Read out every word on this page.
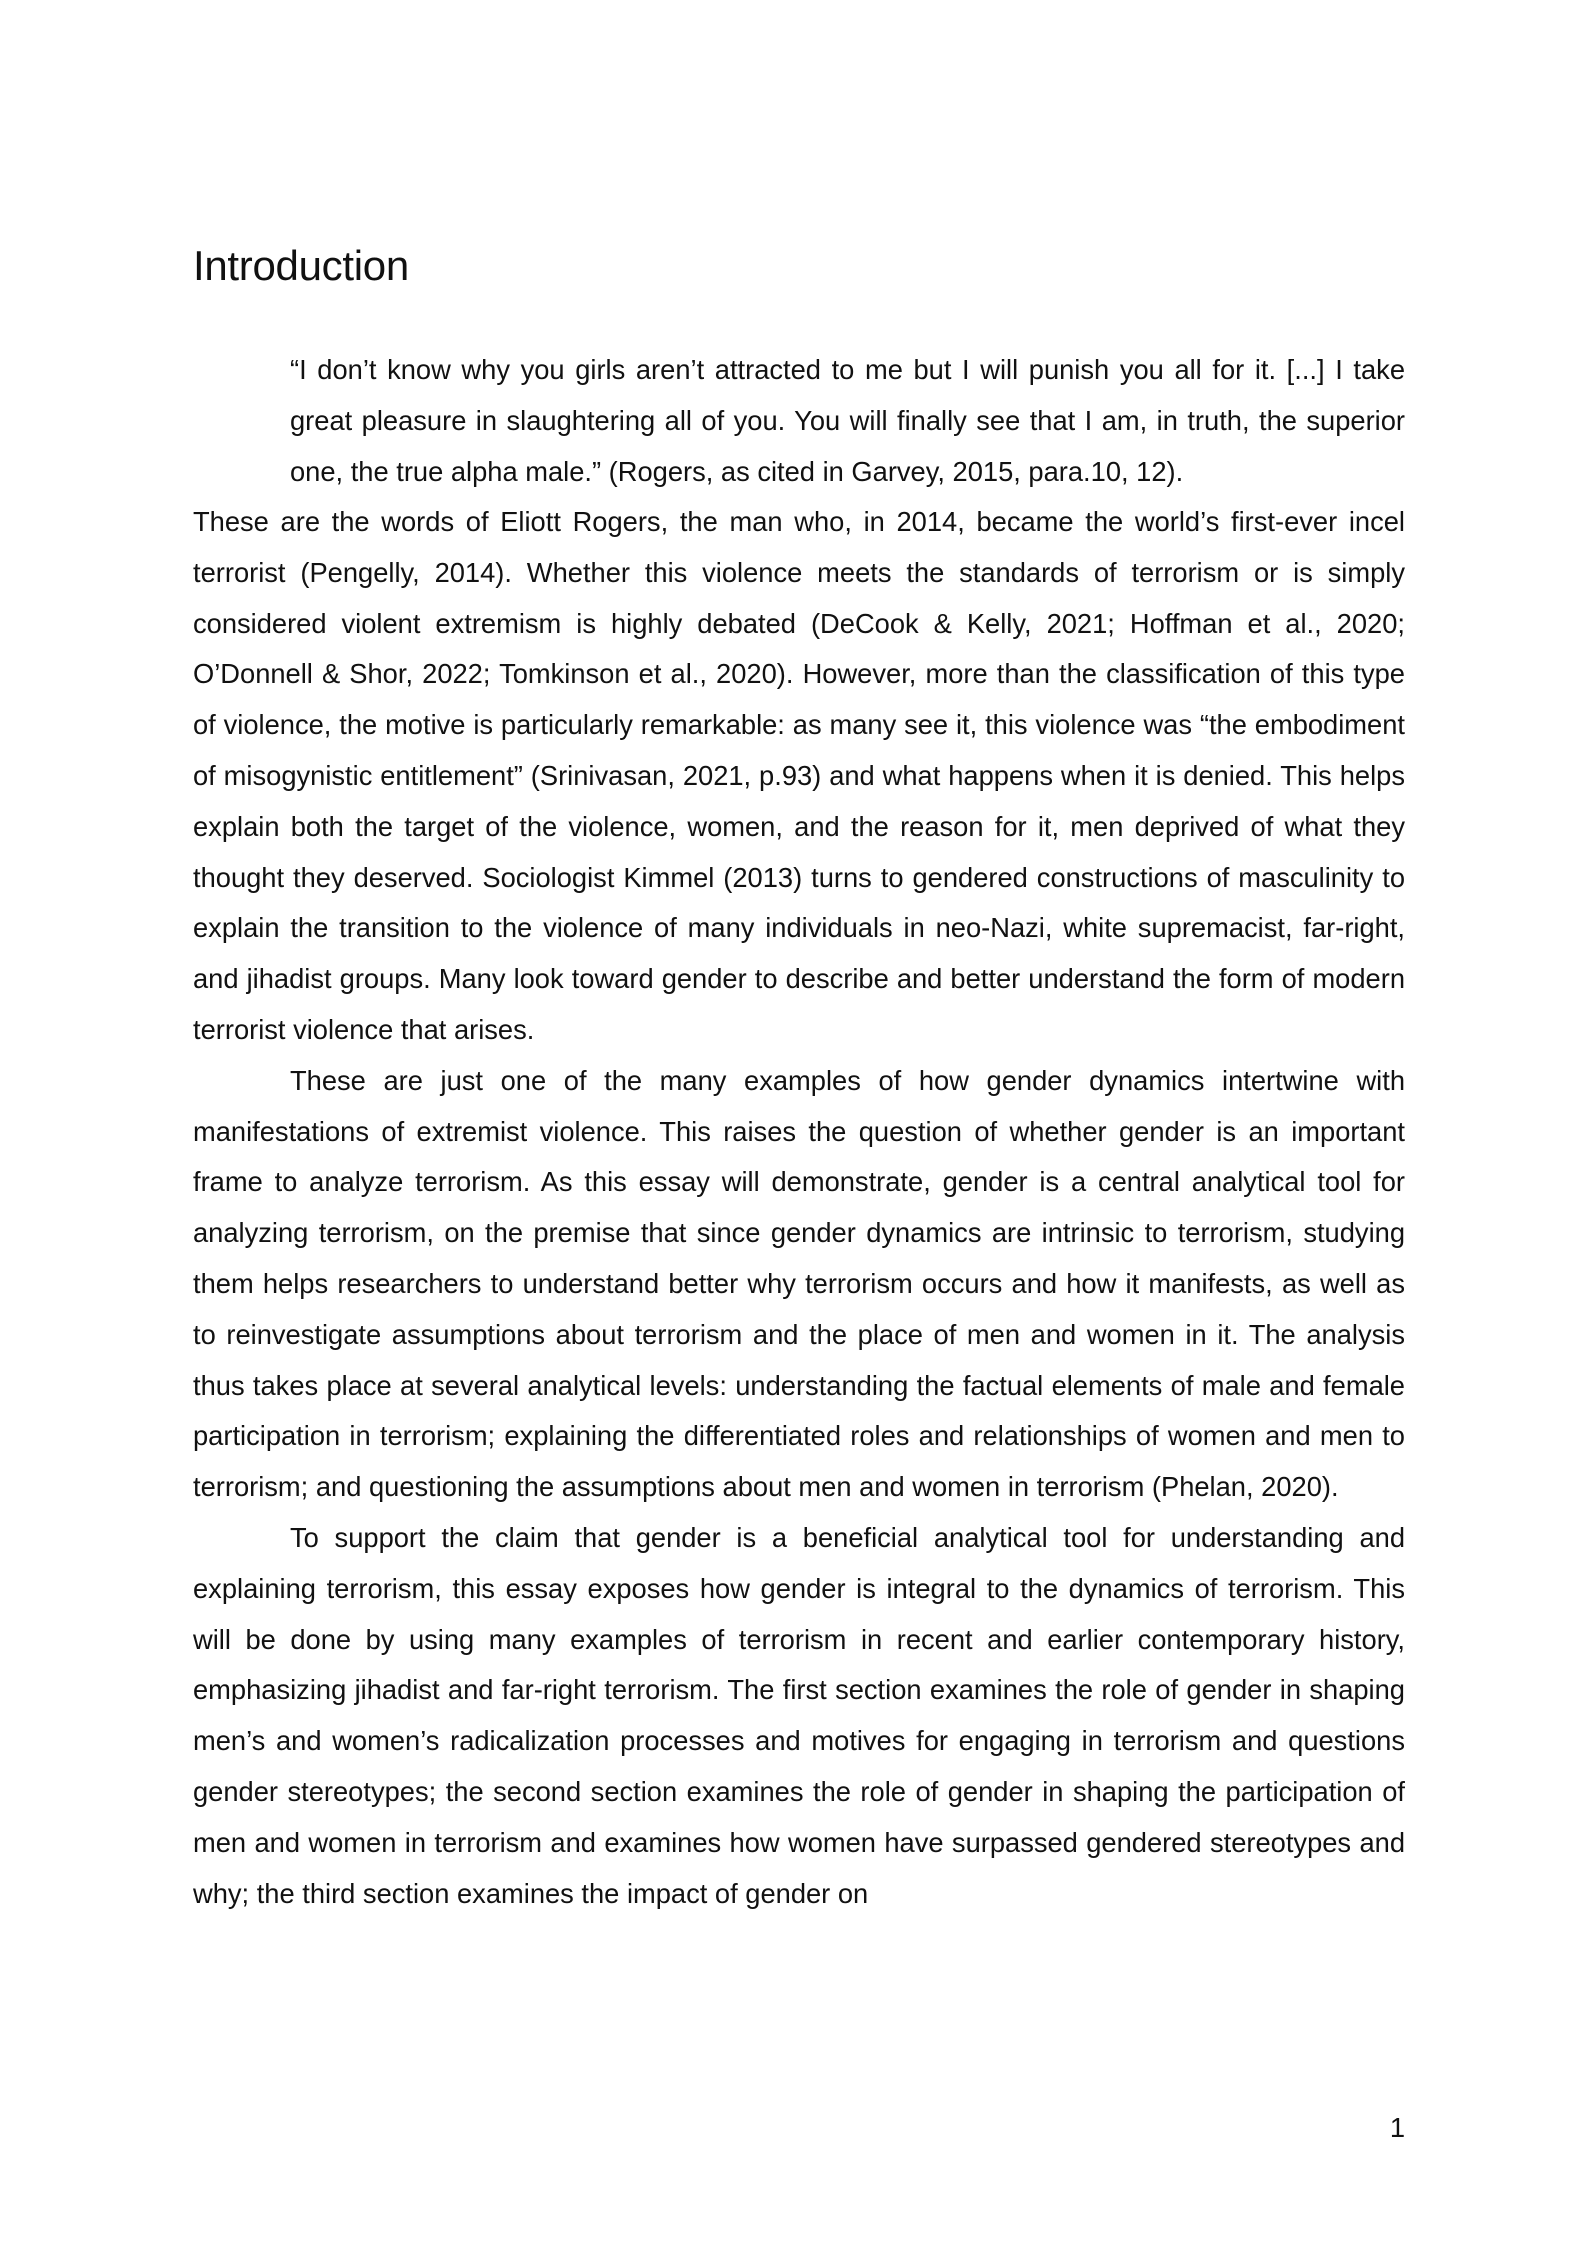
Introduction

“I don’t know why you girls aren’t attracted to me but I will punish you all for it. [...] I take great pleasure in slaughtering all of you. You will finally see that I am, in truth, the superior one, the true alpha male.” (Rogers, as cited in Garvey, 2015, para.10, 12).

These are the words of Eliott Rogers, the man who, in 2014, became the world’s first-ever incel terrorist (Pengelly, 2014). Whether this violence meets the standards of terrorism or is simply considered violent extremism is highly debated (DeCook & Kelly, 2021; Hoffman et al., 2020; O’Donnell & Shor, 2022; Tomkinson et al., 2020). However, more than the classification of this type of violence, the motive is particularly remarkable: as many see it, this violence was “the embodiment of misogynistic entitlement” (Srinivasan, 2021, p.93) and what happens when it is denied. This helps explain both the target of the violence, women, and the reason for it, men deprived of what they thought they deserved. Sociologist Kimmel (2013) turns to gendered constructions of masculinity to explain the transition to the violence of many individuals in neo-Nazi, white supremacist, far-right, and jihadist groups. Many look toward gender to describe and better understand the form of modern terrorist violence that arises.

These are just one of the many examples of how gender dynamics intertwine with manifestations of extremist violence. This raises the question of whether gender is an important frame to analyze terrorism. As this essay will demonstrate, gender is a central analytical tool for analyzing terrorism, on the premise that since gender dynamics are intrinsic to terrorism, studying them helps researchers to understand better why terrorism occurs and how it manifests, as well as to reinvestigate assumptions about terrorism and the place of men and women in it. The analysis thus takes place at several analytical levels: understanding the factual elements of male and female participation in terrorism; explaining the differentiated roles and relationships of women and men to terrorism; and questioning the assumptions about men and women in terrorism (Phelan, 2020).

To support the claim that gender is a beneficial analytical tool for understanding and explaining terrorism, this essay exposes how gender is integral to the dynamics of terrorism. This will be done by using many examples of terrorism in recent and earlier contemporary history, emphasizing jihadist and far-right terrorism. The first section examines the role of gender in shaping men’s and women’s radicalization processes and motives for engaging in terrorism and questions gender stereotypes; the second section examines the role of gender in shaping the participation of men and women in terrorism and examines how women have surpassed gendered stereotypes and why; the third section examines the impact of gender on

1
